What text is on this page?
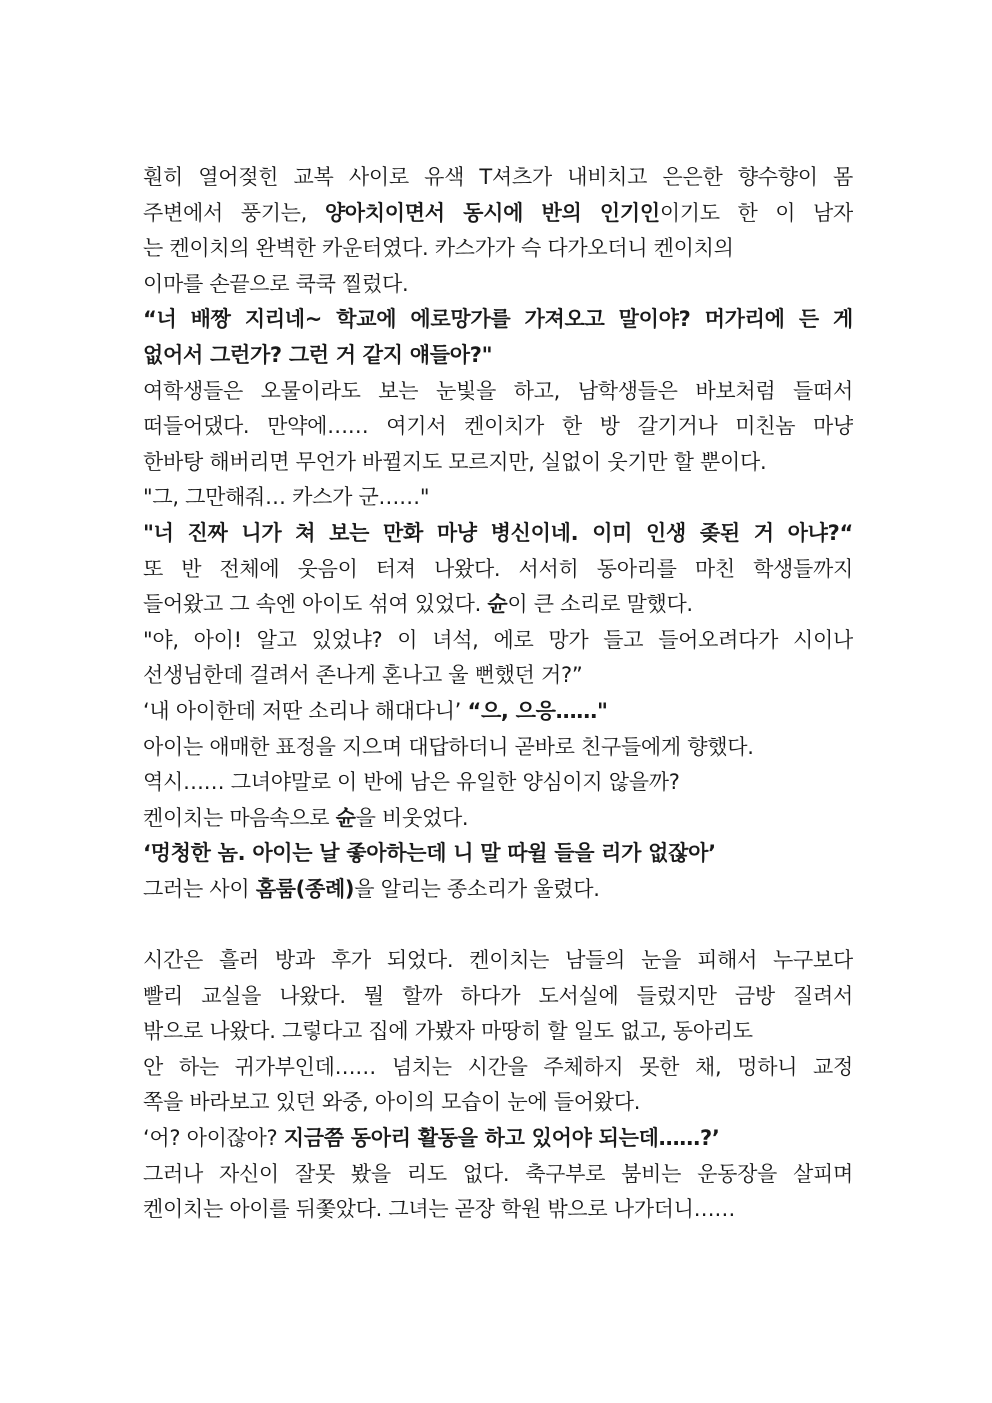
훤히 열어젖힌 교복 사이로 유색 T셔츠가 내비치고 은은한 향수향이 몸
주변에서 풍기는, 양아치이면서 동시에 반의 인기인이기도 한 이 남자
는 켄이치의 완벽한 카운터였다. 카스가가 슥 다가오더니 켄이치의
이마를 손끝으로 쿡쿡 찔렀다.
“너 배짱 지리네~ 학교에 에로망가를 가져오고 말이야? 머가리에 든 게
없어서 그런가? 그런 거 같지 얘들아?"
여학생들은 오물이라도 보는 눈빛을 하고, 남학생들은 바보처럼 들떠서
떠들어댔다. 만약에…… 여기서 켄이치가 한 방 갈기거나 미친놈 마냥
한바탕 해버리면 무언가 바뀔지도 모르지만, 실없이 웃기만 할 뿐이다.
"그, 그만해줘… 카스가 군……"
"너 진짜 니가 쳐 보는 만화 마냥 병신이네. 이미 인생 좆된 거 아냐?“
또 반 전체에 웃음이 터져 나왔다. 서서히 동아리를 마친 학생들까지
들어왔고 그 속엔 아이도 섞여 있었다. 슌이 큰 소리로 말했다.
"야, 아이! 알고 있었냐? 이 녀석, 에로 망가 들고 들어오려다가 시이나
선생님한데 걸려서 존나게 혼나고 울 뻔했던 거?”
‘내 아이한데 저딴 소리나 해대다니’ “으, 으응……"
아이는 애매한 표정을 지으며 대답하더니 곧바로 친구들에게 향했다.
역시…… 그녀야말로 이 반에 남은 유일한 양심이지 않을까?
켄이치는 마음속으로 슌을 비웃었다.
‘멍청한 놈. 아이는 날 좋아하는데 니 말 따윌 들을 리가 없잖아’
그러는 사이 홈룸(종례)을 알리는 종소리가 울렸다.
시간은 흘러 방과 후가 되었다. 켄이치는 남들의 눈을 피해서 누구보다
빨리 교실을 나왔다. 뭘 할까 하다가 도서실에 들렀지만 금방 질려서
밖으로 나왔다. 그렇다고 집에 가봤자 마땅히 할 일도 없고, 동아리도
안 하는 귀가부인데…… 넘치는 시간을 주체하지 못한 채, 멍하니 교정
쪽을 바라보고 있던 와중, 아이의 모습이 눈에 들어왔다.
‘어? 아이잖아? 지금쯤 동아리 활동을 하고 있어야 되는데……?’
그러나 자신이 잘못 봤을 리도 없다. 축구부로 붐비는 운동장을 살피며
켄이치는 아이를 뒤쫓았다. 그녀는 곧장 학원 밖으로 나가더니……
